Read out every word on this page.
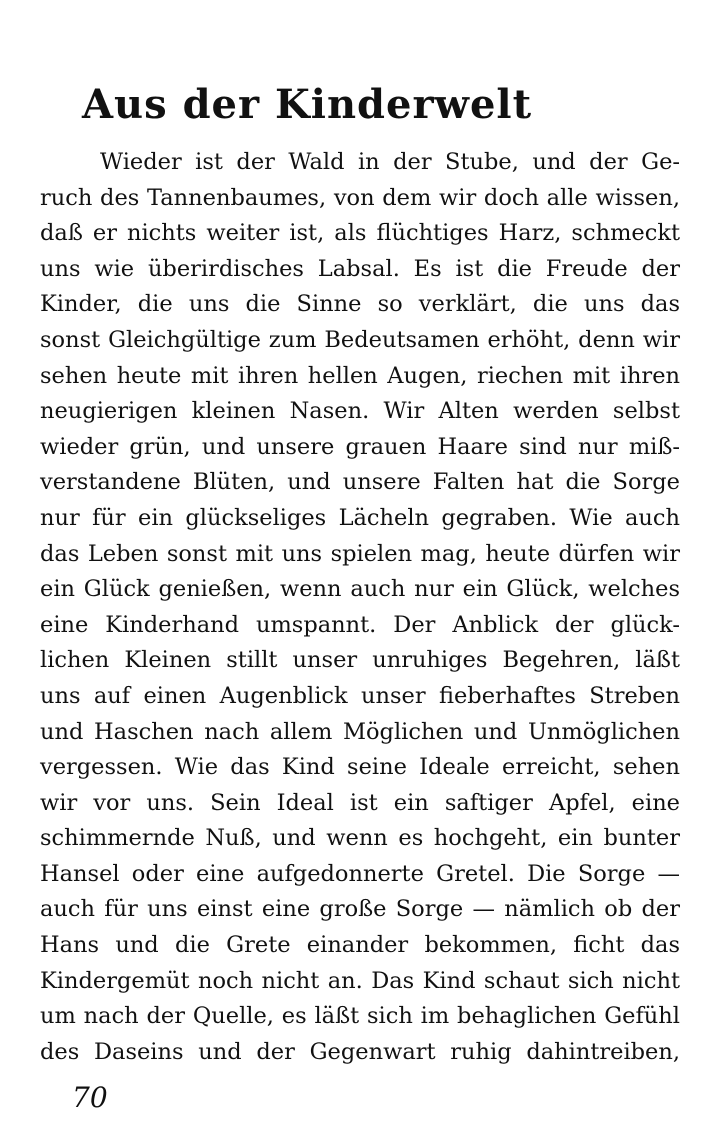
Aus der Kinderwelt
Wieder ist der Wald in der Stube, und der Ge-
ruch des Tannenbaumes, von dem wir doch alle wissen,
daß er nichts weiter ist, als flüchtiges Harz, schmeckt
uns wie überirdisches Labsal. Es ist die Freude der
Kinder, die uns die Sinne so verklärt, die uns das
sonst Gleichgültige zum Bedeutsamen erhöht, denn wir
sehen heute mit ihren hellen Augen, riechen mit ihren
neugierigen kleinen Nasen. Wir Alten werden selbst
wieder grün, und unsere grauen Haare sind nur miß-
verstandene Blüten, und unsere Falten hat die Sorge
nur für ein glückseliges Lächeln gegraben. Wie auch
das Leben sonst mit uns spielen mag, heute dürfen wir
ein Glück genießen, wenn auch nur ein Glück, welches
eine Kinderhand umspannt. Der Anblick der glück-
lichen Kleinen stillt unser unruhiges Begehren, läßt
uns auf einen Augenblick unser fieberhaftes Streben
und Haschen nach allem Möglichen und Unmöglichen
vergessen. Wie das Kind seine Ideale erreicht, sehen
wir vor uns. Sein Ideal ist ein saftiger Apfel, eine
schimmernde Nuß, und wenn es hochgeht, ein bunter
Hansel oder eine aufgedonnerte Gretel. Die Sorge —
auch für uns einst eine große Sorge — nämlich ob der
Hans und die Grete einander bekommen, ficht das
Kindergemüt noch nicht an. Das Kind schaut sich nicht
um nach der Quelle, es läßt sich im behaglichen Gefühl
des Daseins und der Gegenwart ruhig dahintreiben,
70
